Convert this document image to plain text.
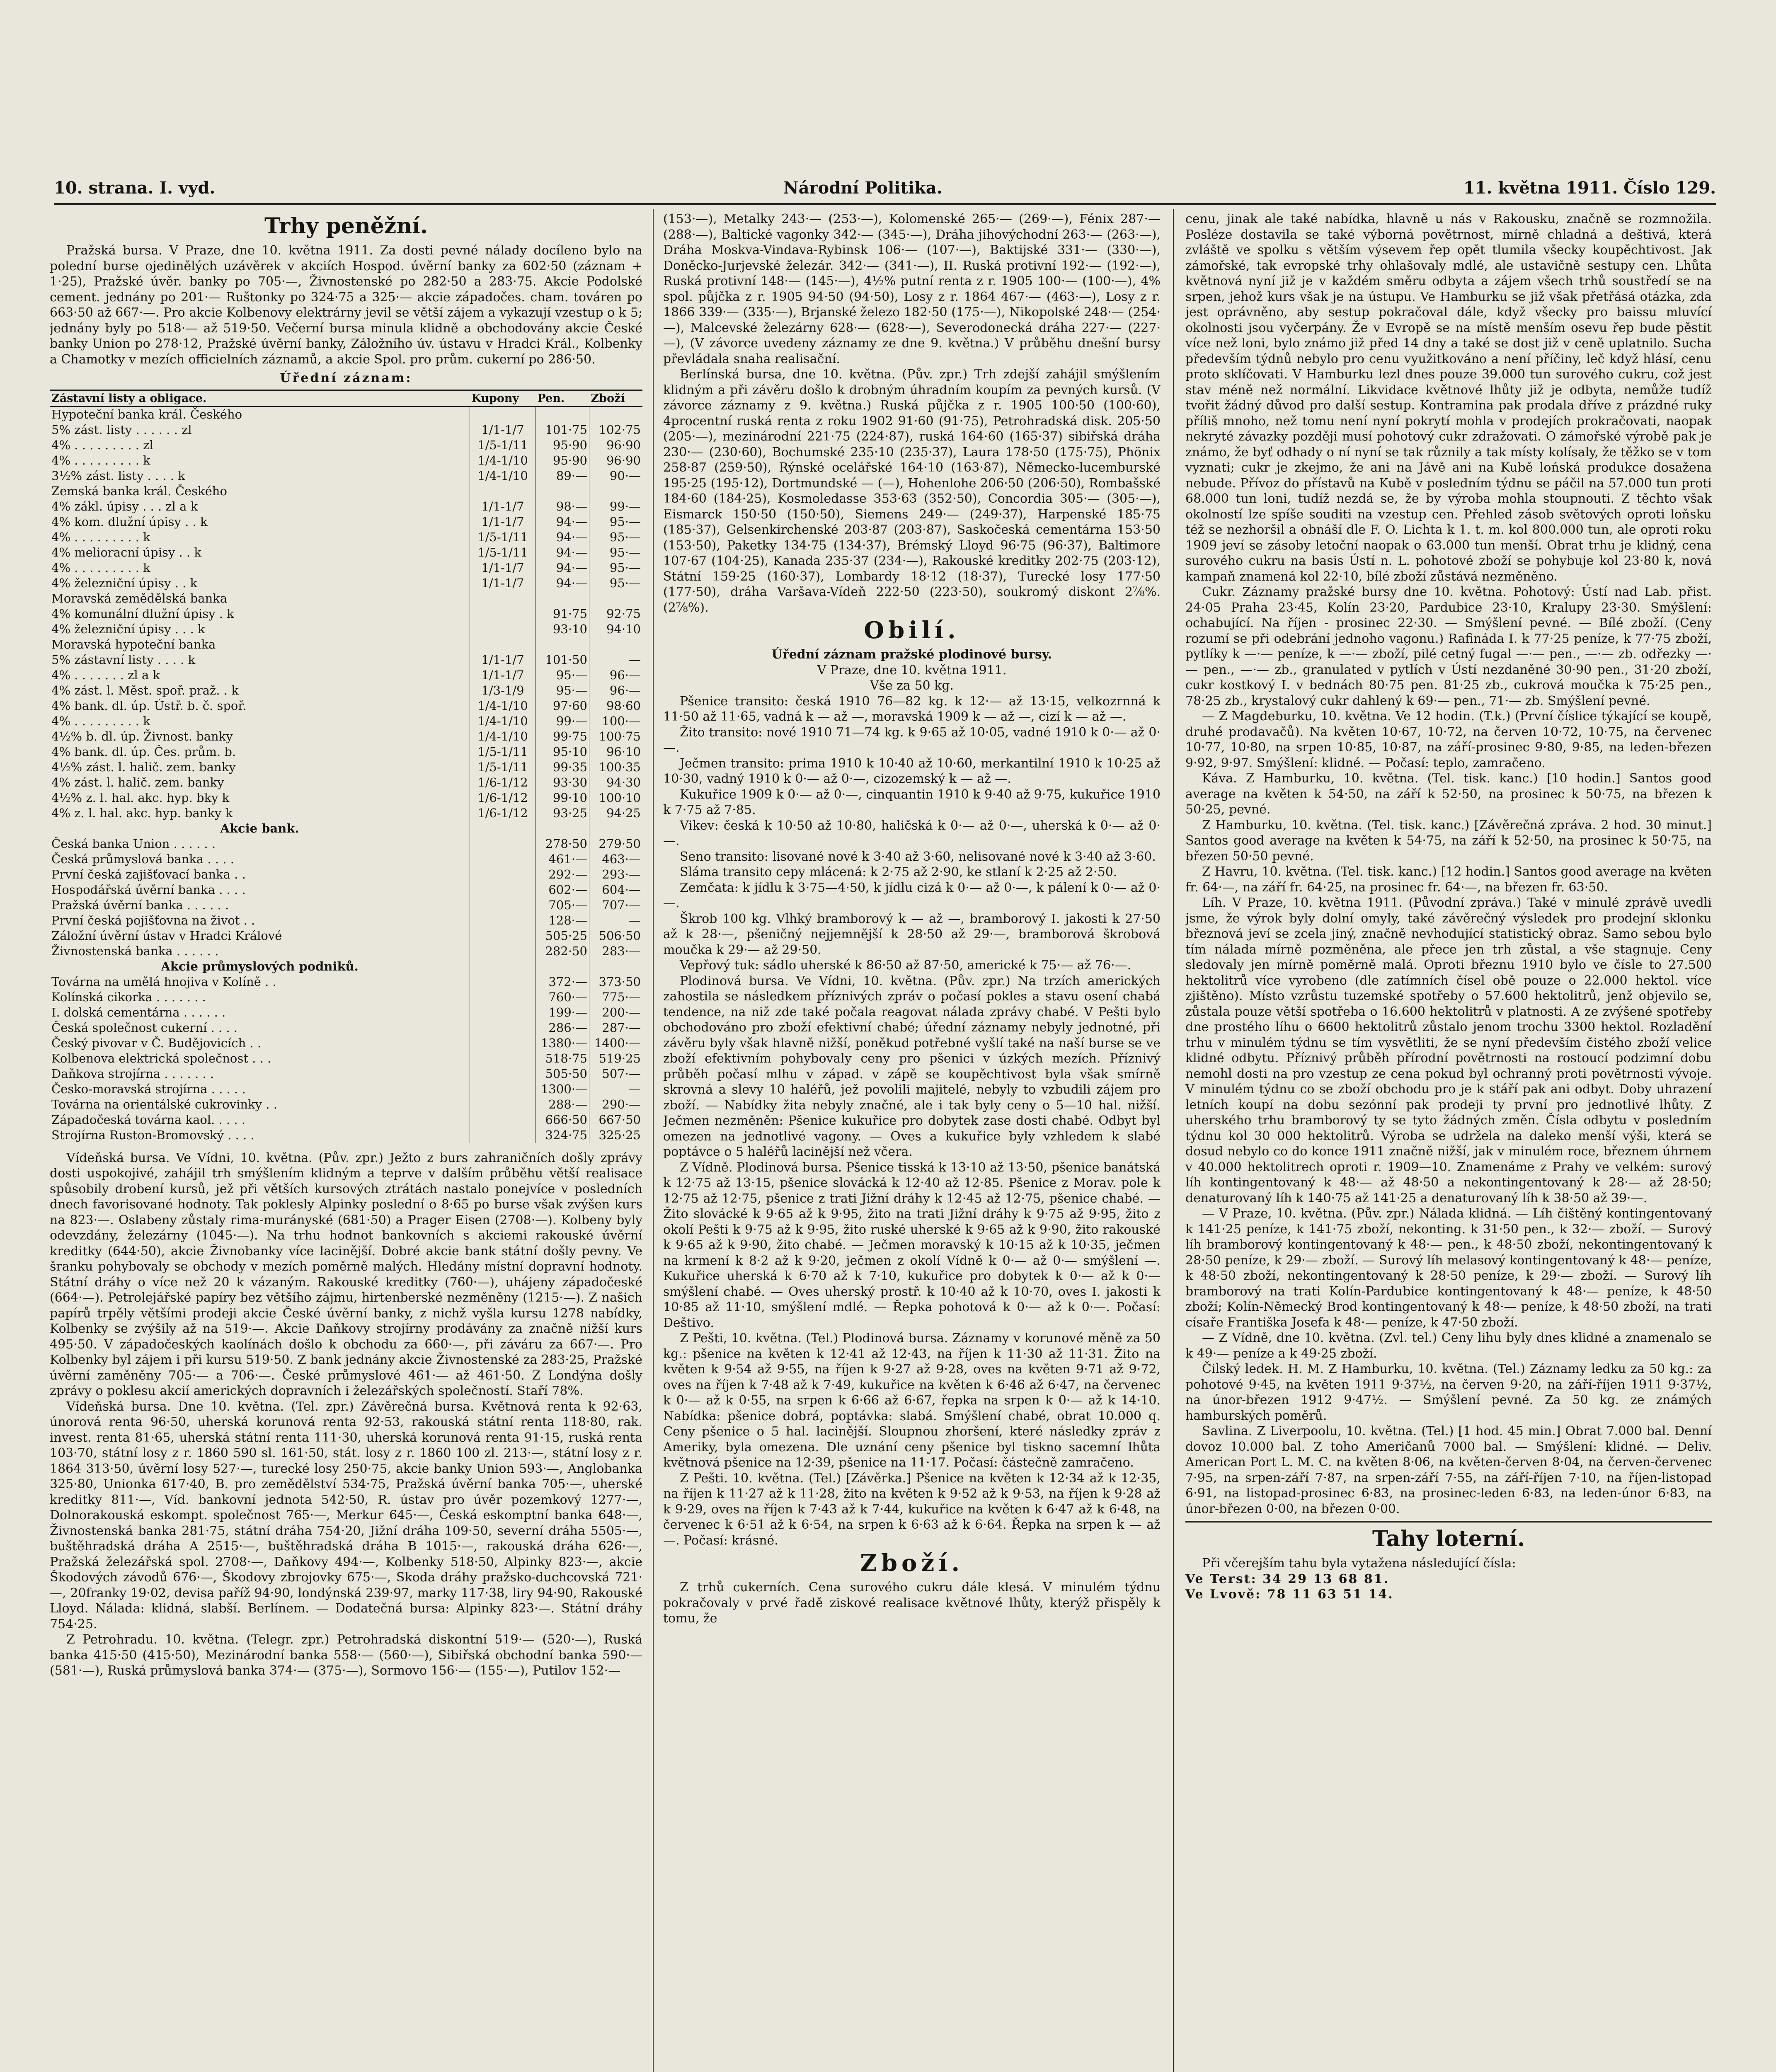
10. strana. I. vyd.	Národní Politika.	11. května 1911. Číslo 129.
Trhy peněžní.

Pražská bursa. V Praze, dne 10. května 1911. Za dosti pevné nálady docíleno bylo na polední burse ojedinělých uzávěrek v akciích Hospod. úvěrní banky za 602·50 (záznam + 1·25), Pražské úvěr. banky po 705·—, Živnostenské po 282·50 a 283·75. Akcie Podolské cement. jednány po 201·— Ruštonky po 324·75 a 325·— akcie západočes. cham. továren po 663·50 až 667·—. Pro akcie Kolbenovy elektrárny jevil se větší zájem a vykazují vzestup o k 5; jednány byly po 518·— až 519·50. Večerní bursa minula klidně a obchodovány akcie České banky Union po 278·12, Pražské úvěrní banky, Záložního úv. ústavu v Hradci Král., Kolbenky a Chamotky v mezích officielních záznamů, a akcie Spol. pro prům. cukerní po 286·50.

Úřední záznam:
Zástavní listy a obligace.	Kupony	Pen.	Zboží
Hypoteční banka král. Českého			
5% zást. listy . . . . . . zl	1/1-1/7	101·75	102·75
4% . . . . . . . . . zl	1/5-1/11	95·90	96·90
4% . . . . . . . . . k	1/4-1/10	95·90	96·90
3½% zást. listy . . . . k	1/4-1/10	89·—	90·—
Zemská banka král. Českého			
4% zákl. úpisy . . . zl a k	1/1-1/7	98·—	99·—
4% kom. dlužní úpisy . . k	1/1-1/7	94·—	95·—
4% . . . . . . . . . k	1/5-1/11	94·—	95·—
4% melioracní úpisy . . k	1/5-1/11	94·—	95·—
4% . . . . . . . . . k	1/1-1/7	94·—	95·—
4% železniční úpisy . . k	1/1-1/7	94·—	95·—
Moravská zemědělská banka			
4% komunální dlužní úpisy . k		91·75	92·75
4% železniční úpisy . . . k		93·10	94·10
Moravská hypoteční banka			
5% zástavní listy . . . . k	1/1-1/7	101·50	—
4% . . . . . . . zl a k	1/1-1/7	95·—	96·—
4% zást. l. Měst. spoř. praž. . k	1/3-1/9	95·—	96·—
4% bank. dl. úp. Ústř. b. č. spoř.	1/4-1/10	97·60	98·60
4% . . . . . . . . . k	1/4-1/10	99·—	100·—
4½% b. dl. úp. Živnost. banky	1/4-1/10	99·75	100·75
4% bank. dl. úp. Čes. prům. b.	1/5-1/11	95·10	96·10
4½% zást. l. halič. zem. banky	1/5-1/11	99·35	100·35
4% zást. l. halič. zem. banky	1/6-1/12	93·30	94·30
4½% z. l. hal. akc. hyp. bky k	1/6-1/12	99·10	100·10
4% z. l. hal. akc. hyp. banky k	1/6-1/12	93·25	94·25
Akcie bank.			
Česká banka Union . . . . . .		278·50	279·50
Česká průmyslová banka . . . .		461·—	463·—
První česká zajišťovací banka . .		292·—	293·—
Hospodářská úvěrní banka . . . .		602·—	604·—
Pražská úvěrní banka . . . . . .		705·—	707·—
První česká pojišťovna na život . .		128·—	—
Záložní úvěrní ústav v Hradci Králové		505·25	506·50
Živnostenská banka . . . . . .		282·50	283·—
Akcie průmyslových podniků.			
Továrna na umělá hnojiva v Kolíně . .		372·—	373·50
Kolínská cikorka . . . . . . .		760·—	775·—
I. dolská cementárna . . . . . .		199·—	200·—
Česká společnost cukerní . . . .		286·—	287·—
Český pivovar v Č. Budějovicích . .		1380·—	1400·—
Kolbenova elektrická společnost . . .		518·75	519·25
Daňkova strojírna . . . . . . .		505·50	507·—
Česko-moravská strojírna . . . . .		1300·—	—
Továrna na orientálské cukrovinky . .		288·—	290·—
Západočeská továrna kaol. . . . .		666·50	667·50
Strojírna Ruston-Bromovský . . . .		324·75	325·25

Vídeňská bursa. Ve Vídni, 10. května. (Pův. zpr.) Ježto z burs zahraničních došly zprávy dosti uspokojivé, zahájil trh smýšlením klidným a teprve v dalším průběhu větší realisace spůsobily drobení kursů, jež při větších kursových ztrátách nastalo ponejvíce v posledních dnech favorisované hodnoty. Tak poklesly Alpinky poslední o 8·65 po burse však zvýšen kurs na 823·—. Oslabeny zůstaly rima-murányské (681·50) a Prager Eisen (2708·—). Kolbeny byly odevzdány, železárny (1045·—). Na trhu hodnot bankovních s akciemi rakouské úvěrní kreditky (644·50), akcie Živnobanky více lacinější. Dobré akcie bank státní došly pevny. Ve šranku pohybovaly se obchody v mezích poměrně malých. Hledány místní dopravní hodnoty. Státní dráhy o více než 20 k vázaným. Rakouské kreditky (760·—), uhájeny západočeské (664·—). Petrolejářské papíry bez většího zájmu, hirtenberské nezměněny (1215·—). Z našich papírů trpěly většími prodeji akcie České úvěrní banky, z nichž vyšla kursu 1278 nabídky, Kolbenky se zvýšily až na 519·—. Akcie Daňkovy strojírny prodávány za značně nižší kurs 495·50. V západočeských kaolínách došlo k obchodu za 660·—, při záváru za 667·—. Pro Kolbenky byl zájem i při kursu 519·50. Z bank jednány akcie Živnostenské za 283·25, Pražské úvěrní zaměněny 705·— a 706·—. České průmyslové 461·— až 461·50. Z Londýna došly zprávy o poklesu akcií amerických dopravních i železářských společností. Staří 78%.

Vídeňská bursa. Dne 10. května. (Tel. zpr.) Závěrečná bursa. Květnová renta k 92·63, únorová renta 96·50, uherská korunová renta 92·53, rakouská státní renta 118·80, rak. invest. renta 81·65, uherská státní renta 111·30, uherská korunová renta 91·15, ruská renta 103·70, státní losy z r. 1860 590 sl. 161·50, stát. losy z r. 1860 100 zl. 213·—, státní losy z r. 1864 313·50, úvěrní losy 527·—, turecké losy 250·75, akcie banky Union 593·—, Anglobanka 325·80, Unionka 617·40, B. pro zemědělství 534·75, Pražská úvěrní banka 705·—, uherské kreditky 811·—, Víd. bankovní jednota 542·50, R. ústav pro úvěr pozemkový 1277·—, Dolnorakouská eskompt. společnost 765·—, Merkur 645·—, Česká eskomptní banka 648·—, Živnostenská banka 281·75, státní dráha 754·20, Jižní dráha 109·50, severní dráha 5505·—, buštěhradská dráha A 2515·—, buštěhradská dráha B 1015·—, rakouská dráha 626·—, Pražská železářská spol. 2708·—, Daňkovy 494·—, Kolbenky 518·50, Alpinky 823·—, akcie Škodových závodů 676·—, Škodovy zbrojovky 675·—, Skoda dráhy pražsko-duchcovská 721·—, 20franky 19·02, devisa paříž 94·90, londýnská 239·97, marky 117·38, liry 94·90, Rakouské Lloyd. Nálada: klidná, slabší. Berlínem. — Dodatečná bursa: Alpinky 823·—. Státní dráhy 754·25.

Z Petrohradu. 10. května. (Telegr. zpr.) Petrohradská diskontní 519·— (520·—), Ruská banka 415·50 (415·50), Mezinárodní banka 558·— (560·—), Sibiřská obchodní banka 590·— (581·—), Ruská průmyslová banka 374·— (375·—), Sormovo 156·— (155·—), Putilov 152·—

(153·—), Metalky 243·— (253·—), Kolomenské 265·— (269·—), Fénix 287·— (288·—), Baltické vagonky 342·— (345·—), Dráha jihovýchodní 263·— (263·—), Dráha Moskva-Vindava-Rybinsk 106·— (107·—), Baktijské 331·— (330·—), Doněcko-Jurjevské železár. 342·— (341·—), II. Ruská protivní 192·— (192·—), Ruská protivní 148·— (145·—), 4½% putní renta z r. 1905 100·— (100·—), 4% spol. půjčka z r. 1905 94·50 (94·50), Losy z r. 1864 467·— (463·—), Losy z r. 1866 339·— (335·—), Brjanské železo 182·50 (175·—), Nikopolské 248·— (254·—), Malcevské železárny 628·— (628·—), Severodonecká dráha 227·— (227·—), (V závorce uvedeny záznamy ze dne 9. května.) V průběhu dnešní bursy převládala snaha realisační.

Berlínská bursa, dne 10. května. (Pův. zpr.) Trh zdejší zahájil smýšlením klidným a při závěru došlo k drobným úhradním koupím za pevných kursů. (V závorce záznamy z 9. května.) Ruská půjčka z r. 1905 100·50 (100·60), 4procentní ruská renta z roku 1902 91·60 (91·75), Petrohradská disk. 205·50 (205·—), mezinárodní 221·75 (224·87), ruská 164·60 (165·37) sibiřská dráha 230·— (230·60), Bochumské 235·10 (235·37), Laura 178·50 (175·75), Phönix 258·87 (259·50), Rýnské ocelářské 164·10 (163·87), Německo-lucemburské 195·25 (195·12), Dortmundské — (—), Hohenlohe 206·50 (206·50), Rombašské 184·60 (184·25), Kosmoledasse 353·63 (352·50), Concordia 305·— (305·—), Eismarck 150·50 (150·50), Siemens 249·— (249·37), Harpenské 185·75 (185·37), Gelsenkirchenské 203·87 (203·87), Saskočeská cementárna 153·50 (153·50), Paketky 134·75 (134·37), Brémský Lloyd 96·75 (96·37), Baltimore 107·67 (104·25), Kanada 235·37 (234·—), Rakouské kreditky 202·75 (203·12), Státní 159·25 (160·37), Lombardy 18·12 (18·37), Turecké losy 177·50 (177·50), dráha Varšava-Vídeň 222·50 (223·50), soukromý diskont 2⅞%. (2⅞%).

Obilí.
Úřední záznam pražské plodinové bursy.
V Praze, dne 10. května 1911.
Vše za 50 kg.

Pšenice transito: česká 1910 76—82 kg. k 12·— až 13·15, velkozrnná k 11·50 až 11·65, vadná k — až —, moravská 1909 k — až —, cizí k — až —.

Žito transito: nové 1910 71—74 kg. k 9·65 až 10·05, vadné 1910 k 0·— až 0·—.

Ječmen transito: prima 1910 k 10·40 až 10·60, merkantilní 1910 k 10·25 až 10·30, vadný 1910 k 0·— až 0·—, cizozemský k — až —.

Kukuřice 1909 k 0·— až 0·—, cinquantin 1910 k 9·40 až 9·75, kukuřice 1910 k 7·75 až 7·85.

Vikev: česká k 10·50 až 10·80, haličská k 0·— až 0·—, uherská k 0·— až 0·—.

Seno transito: lisované nové k 3·40 až 3·60, nelisované nové k 3·40 až 3·60.

Sláma transito cepy mlácená: k 2·75 až 2·90, ke stlaní k 2·25 až 2·50.

Zemčata: k jídlu k 3·75—4·50, k jídlu cizá k 0·— až 0·—, k pálení k 0·— až 0·—.

Škrob 100 kg. Vlhký bramborový k — až —, bramborový I. jakosti k 27·50 až k 28·—, pšeničný nejjemnější k 28·50 až 29·—, bramborová škrobová moučka k 29·— až 29·50.

Vepřový tuk: sádlo uherské k 86·50 až 87·50, americké k 75·— až 76·—.

Plodinová bursa. Ve Vídni, 10. května. (Pův. zpr.) Na trzích amerických zahostila se následkem příznivých zpráv o počasí pokles a stavu osení chabá tendence, na niž zde také počala reagovat nálada zprávy chabé. V Pešti bylo obchodováno pro zboží efektivní chabé; úřední záznamy nebyly jednotné, při závěru byly však hlavně nižší, poněkud potřebné vyšlí také na naší burse se ve zboží efektivním pohybovaly ceny pro pšenici v úzkých mezích. Příznivý průběh počasí mlhu v západ. v zápě se koupěchtivost byla však smírně skrovná a slevy 10 haléřů, jež povolili majitelé, nebyly to vzbudili zájem pro zboží. — Nabídky žita nebyly značné, ale i tak byly ceny o 5—10 hal. nižší. Ječmen nezměněn: Pšenice kukuřice pro dobytek zase dosti chabé. Odbyt byl omezen na jednotlivé vagony. — Oves a kukuřice byly vzhledem k slabé poptávce o 5 haléřů lacinější než včera.

Z Vídně. Plodinová bursa. Pšenice tisská k 13·10 až 13·50, pšenice banátská k 12·75 až 13·15, pšenice slovácká k 12·40 až 12·85. Pšenice z Morav. pole k 12·75 až 12·75, pšenice z trati Jižní dráhy k 12·45 až 12·75, pšenice chabé. — Žito slovácké k 9·65 až k 9·95, žito na trati Jižní dráhy k 9·75 až 9·95, žito z okolí Pešti k 9·75 až k 9·95, žito ruské uherské k 9·65 až k 9·90, žito rakouské k 9·65 až k 9·90, žito chabé. — Ječmen moravský k 10·15 až k 10·35, ječmen na krmení k 8·2 až k 9·20, ječmen z okolí Vídně k 0·— až 0·— smýšlení —. Kukuřice uherská k 6·70 až k 7·10, kukuřice pro dobytek k 0·— až k 0·— smýšlení chabé. — Oves uherský prostř. k 10·40 až k 10·70, oves I. jakosti k 10·85 až 11·10, smýšlení mdlé. — Řepka pohotová k 0·— až k 0·—. Počasí: Deštivo.

Z Pešti, 10. května. (Tel.) Plodinová bursa. Záznamy v korunové měně za 50 kg.: pšenice na květen k 12·41 až 12·43, na říjen k 11·30 až 11·31. Žito na květen k 9·54 až 9·55, na říjen k 9·27 až 9·28, oves na květen 9·71 až 9·72, oves na říjen k 7·48 až k 7·49, kukuřice na květen k 6·46 až 6·47, na červenec k 0·— až k 0·55, na srpen k 6·66 až 6·67, řepka na srpen k 0·— až k 14·10. Nabídka: pšenice dobrá, poptávka: slabá. Smýšlení chabé, obrat 10.000 q. Ceny pšenice o 5 hal. lacinější. Sloupnou zhoršení, které následky zpráv z Ameriky, byla omezena. Dle uznání ceny pšenice byl tiskno sacemní lhůta květnová pšenice na 12·39, pšenice na 11·17. Počasí: částečně zamračeno.

Z Pešti. 10. května. (Tel.) [Závěrka.] Pšenice na květen k 12·34 až k 12·35, na říjen k 11·27 až k 11·28, žito na květen k 9·52 až k 9·53, na říjen k 9·28 až k 9·29, oves na říjen k 7·43 až k 7·44, kukuřice na květen k 6·47 až k 6·48, na červenec k 6·51 až k 6·54, na srpen k 6·63 až k 6·64. Řepka na srpen k — až —. Počasí: krásné.

Zboží.

Z trhů cukerních. Cena surového cukru dále klesá. V minulém týdnu pokračovaly v prvé řadě ziskové realisace květnové lhůty, kterýž přispěly k tomu, že

cenu, jinak ale také nabídka, hlavně u nás v Rakousku, značně se rozmnožila. Posléze dostavila se také výborná povětrnost, mírně chladná a deštivá, která zvláště ve spolku s větším výsevem řep opět tlumila všecky koupěchtivost. Jak zámořské, tak evropské trhy ohlašovaly mdlé, ale ustavičně sestupy cen. Lhůta květnová nyní již je v každém směru odbyta a zájem všech trhů soustředí se na srpen, jehož kurs však je na ústupu. Ve Hamburku se již však přetřásá otázka, zda jest oprávněno, aby sestup pokračoval dále, když všecky pro baissu mluvící okolnosti jsou vyčerpány. Že v Evropě se na místě menším osevu řep bude pěstit více než loni, bylo známo již před 14 dny a také se dost již v ceně uplatnilo. Sucha především týdnů nebylo pro cenu využitkováno a není příčiny, leč když hlásí, cenu proto sklíčovati. V Hamburku lezl dnes pouze 39.000 tun surového cukru, což jest stav méně než normální. Likvidace květnové lhůty již je odbyta, nemůže tudíž tvořit žádný důvod pro další sestup. Kontramina pak prodala dříve z prázdné ruky příliš mnoho, než tomu není nyní pokrytí mohla v prodejích prokračovati, naopak nekryté závazky později musí pohotový cukr zdražovati. O zámořské výrobě pak je známo, že byť odhady o ní nyní se tak různily a tak místy kolísaly, že těžko se v tom vyznati; cukr je zkejmo, že ani na Jávě ani na Kubě lońská produkce dosažena nebude. Přívoz do přístavů na Kubě v posledním týdnu se páčil na 57.000 tun proti 68.000 tun loni, tudíž nezdá se, že by výroba mohla stoupnouti. Z těchto však okolností lze spíše souditi na vzestup cen. Přehled zásob světových oproti loňsku též se nezhoršil a obnáší dle F. O. Lichta k 1. t. m. kol 800.000 tun, ale oproti roku 1909 jeví se zásoby letoční naopak o 63.000 tun menší. Obrat trhu je klidný, cena surového cukru na basis Ústí n. L. pohotové zboží se pohybuje kol 23·80 k, nová kampaň znamená kol 22·10, bílé zboží zůstává nezměněno.

Cukr. Záznamy pražské bursy dne 10. května. Pohotový: Ústí nad Lab. přist. 24·05 Praha 23·45, Kolín 23·20, Pardubice 23·10, Kralupy 23·30. Smýšlení: ochabující. Na říjen - prosinec 22·30. — Smýšlení pevné. — Bílé zboží. (Ceny rozumí se při odebrání jednoho vagonu.) Rafináda I. k 77·25 peníze, k 77·75 zboží, pytlíky k —·— peníze, k —·— zboží, pilé cetný fugal —·— pen., —·— zb. odřezky —·— pen., —·— zb., granulated v pytlích v Ústí nezdaněné 30·90 pen., 31·20 zboží, cukr kostkový I. v bednách 80·75 pen. 81·25 zb., cukrová moučka k 75·25 pen., 78·25 zb., krystalový cukr dahlený k 69·— pen., 71·— zb. Smýšlení pevné.

— Z Magdeburku, 10. května. Ve 12 hodin. (T.k.) (První číslice týkající se koupě, druhé prodavačů). Na květen 10·67, 10·72, na červen 10·72, 10·75, na červenec 10·77, 10·80, na srpen 10·85, 10·87, na září-prosinec 9·80, 9·85, na leden-březen 9·92, 9·97. Smýšlení: klidné. — Počasí: teplo, zamračeno.

Káva. Z Hamburku, 10. května. (Tel. tisk. kanc.) [10 hodin.] Santos good average na květen k 54·50, na září k 52·50, na prosinec k 50·75, na březen k 50·25, pevné.

Z Hamburku, 10. května. (Tel. tisk. kanc.) [Závěrečná zpráva. 2 hod. 30 minut.] Santos good average na květen k 54·75, na září k 52·50, na prosinec k 50·75, na březen 50·50 pevné.

Z Havru, 10. května. (Tel. tisk. kanc.) [12 hodin.] Santos good average na květen fr. 64·—, na září fr. 64·25, na prosinec fr. 64·—, na březen fr. 63·50.

Líh. V Praze, 10. května 1911. (Původní zpráva.) Také v minulé zprávě uvedli jsme, že výrok byly dolní omyly, také závěrečný výsledek pro prodejní sklonku březnová jeví se zcela jiný, značně nevhodující statistický obraz. Samo sebou bylo tím nálada mírně pozměněna, ale přece jen trh zůstal, a vše stagnuje. Ceny sledovaly jen mírně poměrně malá. Oproti březnu 1910 bylo ve čísle to 27.500 hektolitrů více vyrobeno (dle zatímních čísel obě pouze o 22.000 hektol. více zjištěno). Místo vzrůstu tuzemské spotřeby o 57.600 hektolitrů, jenž objevilo se, zůstala pouze větší spotřeba o 16.600 hektolitrů v platnosti. A ze zvýšené spotřeby dne prostého líhu o 6600 hektolitrů zůstalo jenom trochu 3300 hektol. Rozladění trhu v minulém týdnu se tím vysvětliti, že se nyní především čistého zboží velice klidné odbytu. Příznivý průběh přírodní povětrnosti na rostoucí podzimní dobu nemohl dosti na pro vzestup ze cena pokud byl ochranný proti povětrnosti vývoje. V minulém týdnu co se zboží obchodu pro je k stáří pak ani odbyt. Doby uhrazení letních koupí na dobu sezónní pak prodeji ty první pro jednotlivé lhůty. Z uherského trhu bramborový ty se tyto žádných změn. Čísla odbytu v posledním týdnu kol 30 000 hektolitrů. Výroba se udržela na daleko menší výši, která se dosud nebylo co do konce 1911 značně nižší, jak v minulém roce, březnem úhrnem v 40.000 hektolitrech oproti r. 1909—10. Znamenáme z Prahy ve velkém: surový líh kontingentovaný k 48·— až 48·50 a nekontingentovaný k 28·— až 28·50; denaturovaný líh k 140·75 až 141·25 a denaturovaný líh k 38·50 až 39·—.

— V Praze, 10. května. (Pův. zpr.) Nálada klidná. — Líh čištěný kontingentovaný k 141·25 peníze, k 141·75 zboží, nekonting. k 31·50 pen., k 32·— zboží. — Surový líh bramborový kontingentovaný k 48·— pen., k 48·50 zboží, nekontingentovaný k 28·50 peníze, k 29·— zboží. — Surový líh melasový kontingentovaný k 48·— peníze, k 48·50 zboží, nekontingentovaný k 28·50 peníze, k 29·— zboží. — Surový líh bramborový na trati Kolín-Pardubice kontingentovaný k 48·— peníze, k 48·50 zboží; Kolín-Německý Brod kontingentovaný k 48·— peníze, k 48·50 zboží, na trati císaře Františka Josefa k 48·— peníze, k 47·50 zboží.

— Z Vídně, dne 10. května. (Zvl. tel.) Ceny lihu byly dnes klidné a znamenalo se k 49·— peníze a k 49·25 zboží.

Čilský ledek. H. M. Z Hamburku, 10. května. (Tel.) Záznamy ledku za 50 kg.: za pohotové 9·45, na květen 1911 9·37½, na červen 9·20, na září-říjen 1911 9·37½, na únor-březen 1912 9·47½. — Smýšlení pevné. Za 50 kg. ze známých hamburských poměrů.

Savlina. Z Liverpoolu, 10. května. (Tel.) [1 hod. 45 min.] Obrat 7.000 bal. Denní dovoz 10.000 bal. Z toho Američanů 7000 bal. — Smýšlení: klidné. — Deliv. American Port L. M. C. na květen 8·06, na květen-červen 8·04, na červen-červenec 7·95, na srpen-září 7·87, na srpen-září 7·55, na září-říjen 7·10, na říjen-listopad 6·91, na listopad-prosinec 6·83, na prosinec-leden 6·83, na leden-únor 6·83, na únor-březen 0·00, na březen 0·00.

Tahy loterní.

Při včerejším tahu byla vytažena následující čísla:

Ve Terst: 34 29 13 68 81.
Ve Lvově: 78 11 63 51 14.
